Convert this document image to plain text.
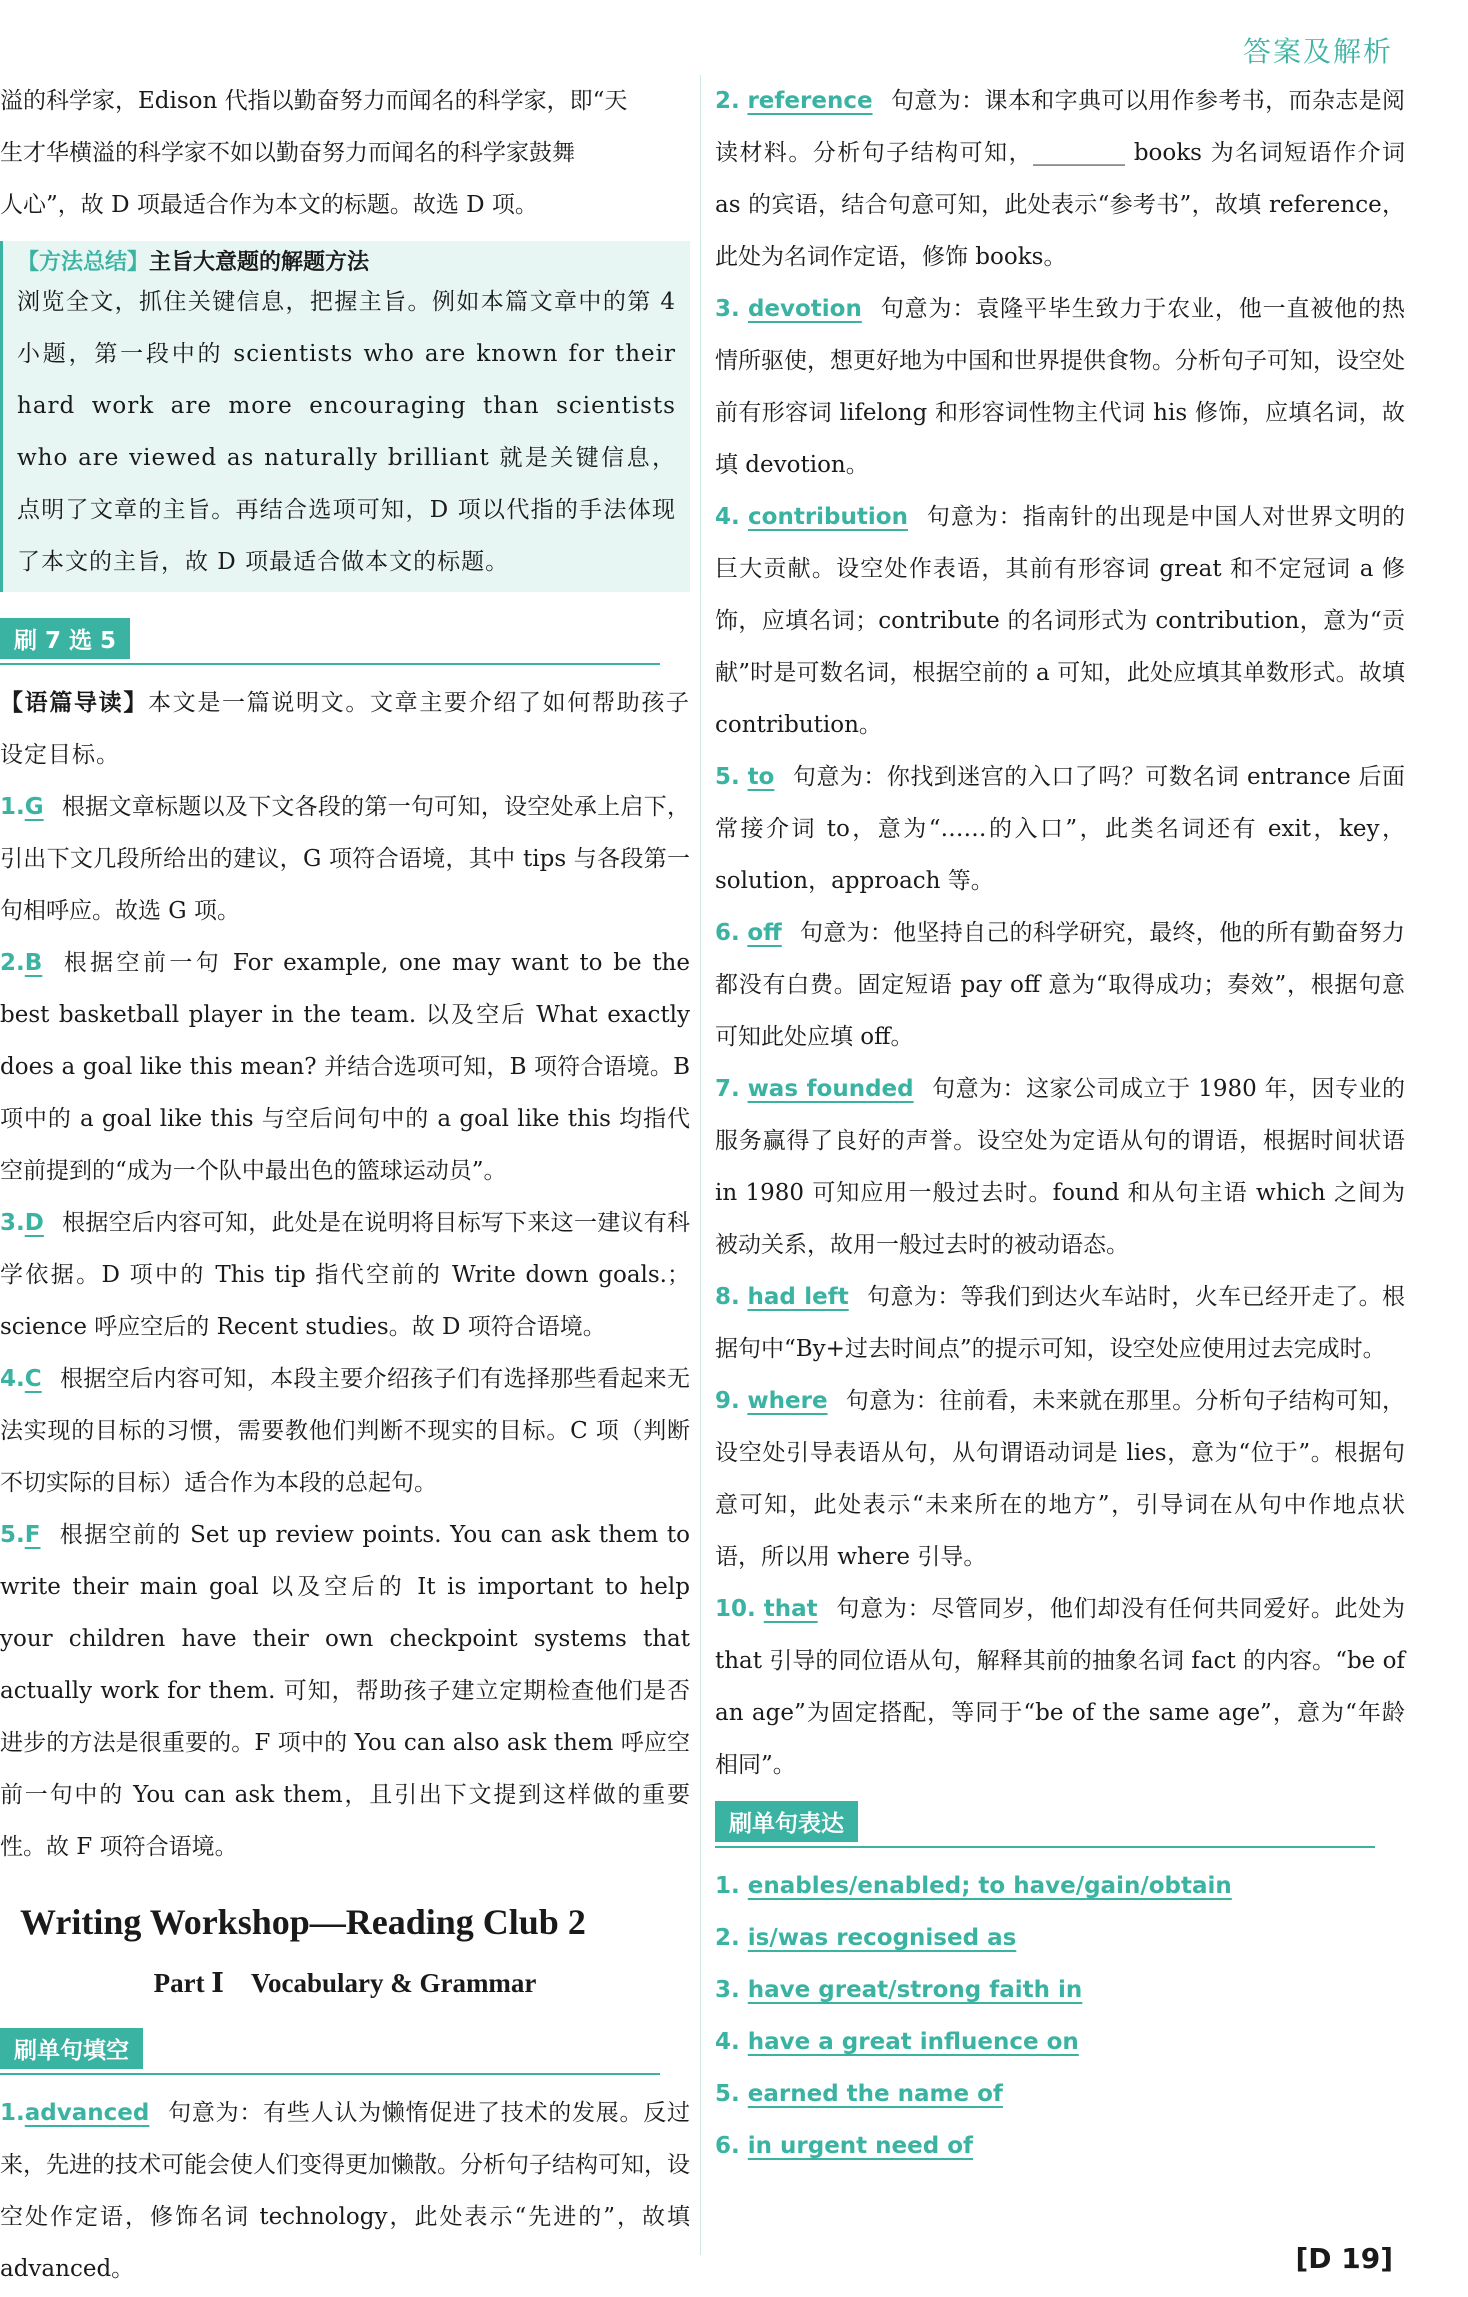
答案及解析

溢的科学家，Edison 代指以勤奋努力而闻名的科学家，即“天

生才华横溢的科学家不如以勤奋努力而闻名的科学家鼓舞

人心”，故 D 项最适合作为本文的标题。故选 D 项。

【方法总结】主旨大意题的解题方法

浏览全文，抓住关键信息，把握主旨。例如本篇文章中的第 4 小题，第一段中的 scientists who are known for their hard work are more encouraging than scientists who are viewed as naturally brilliant 就是关键信息，点明了文章的主旨。再结合选项可知，D 项以代指的手法体现了本文的主旨，故 D 项最适合做本文的标题。

刷 7 选 5

【语篇导读】本文是一篇说明文。文章主要介绍了如何帮助孩子设定目标。

1.G 根据文章标题以及下文各段的第一句可知，设空处承上启下，引出下文几段所给出的建议，G 项符合语境，其中 tips 与各段第一句相呼应。故选 G 项。

2.B 根据空前一句 For example, one may want to be the best basketball player in the team. 以及空后 What exactly does a goal like this mean? 并结合选项可知，B 项符合语境。B 项中的 a goal like this 与空后问句中的 a goal like this 均指代空前提到的“成为一个队中最出色的篮球运动员”。

3.D 根据空后内容可知，此处是在说明将目标写下来这一建议有科学依据。D 项中的 This tip 指代空前的 Write down goals.；science 呼应空后的 Recent studies。故 D 项符合语境。

4.C 根据空后内容可知，本段主要介绍孩子们有选择那些看起来无法实现的目标的习惯，需要教他们判断不现实的目标。C 项（判断不切实际的目标）适合作为本段的总起句。

5.F 根据空前的 Set up review points. You can ask them to write their main goal 以及空后的 It is important to help your children have their own checkpoint systems that actually work for them. 可知，帮助孩子建立定期检查他们是否进步的方法是很重要的。F 项中的 You can also ask them 呼应空前一句中的 You can ask them，且引出下文提到这样做的重要性。故 F 项符合语境。

Writing Workshop—Reading Club 2
Part Ⅰ　Vocabulary & Grammar
刷单句填空

1.advanced 句意为：有些人认为懒惰促进了技术的发展。反过来，先进的技术可能会使人们变得更加懒散。分析句子结构可知，设空处作定语，修饰名词 technology，此处表示“先进的”，故填 advanced。

2. reference 句意为：课本和字典可以用作参考书，而杂志是阅读材料。分析句子结构可知，________ books 为名词短语作介词 as 的宾语，结合句意可知，此处表示“参考书”，故填 reference，此处为名词作定语，修饰 books。

3. devotion 句意为：袁隆平毕生致力于农业，他一直被他的热情所驱使，想更好地为中国和世界提供食物。分析句子可知，设空处前有形容词 lifelong 和形容词性物主代词 his 修饰，应填名词，故填 devotion。

4. contribution 句意为：指南针的出现是中国人对世界文明的巨大贡献。设空处作表语，其前有形容词 great 和不定冠词 a 修饰，应填名词；contribute 的名词形式为 contribution，意为“贡献”时是可数名词，根据空前的 a 可知，此处应填其单数形式。故填 contribution。

5. to 句意为：你找到迷宫的入口了吗？可数名词 entrance 后面常接介词 to，意为“……的入口”，此类名词还有 exit，key，solution，approach 等。

6. off 句意为：他坚持自己的科学研究，最终，他的所有勤奋努力都没有白费。固定短语 pay off 意为“取得成功；奏效”，根据句意可知此处应填 off。

7. was founded 句意为：这家公司成立于 1980 年，因专业的服务赢得了良好的声誉。设空处为定语从句的谓语，根据时间状语 in 1980 可知应用一般过去时。found 和从句主语 which 之间为被动关系，故用一般过去时的被动语态。

8. had left 句意为：等我们到达火车站时，火车已经开走了。根据句中“By+过去时间点”的提示可知，设空处应使用过去完成时。

9. where 句意为：往前看，未来就在那里。分析句子结构可知，设空处引导表语从句，从句谓语动词是 lies，意为“位于”。根据句意可知，此处表示“未来所在的地方”，引导词在从句中作地点状语，所以用 where 引导。

10. that 句意为：尽管同岁，他们却没有任何共同爱好。此处为 that 引导的同位语从句，解释其前的抽象名词 fact 的内容。“be of an age”为固定搭配，等同于“be of the same age”，意为“年龄相同”。

刷单句表达
1. enables/enabled; to have/gain/obtain
2. is/was recognised as
3. have great/strong faith in
4. have a great influence on
5. earned the name of
6. in urgent need of
[D 19]
